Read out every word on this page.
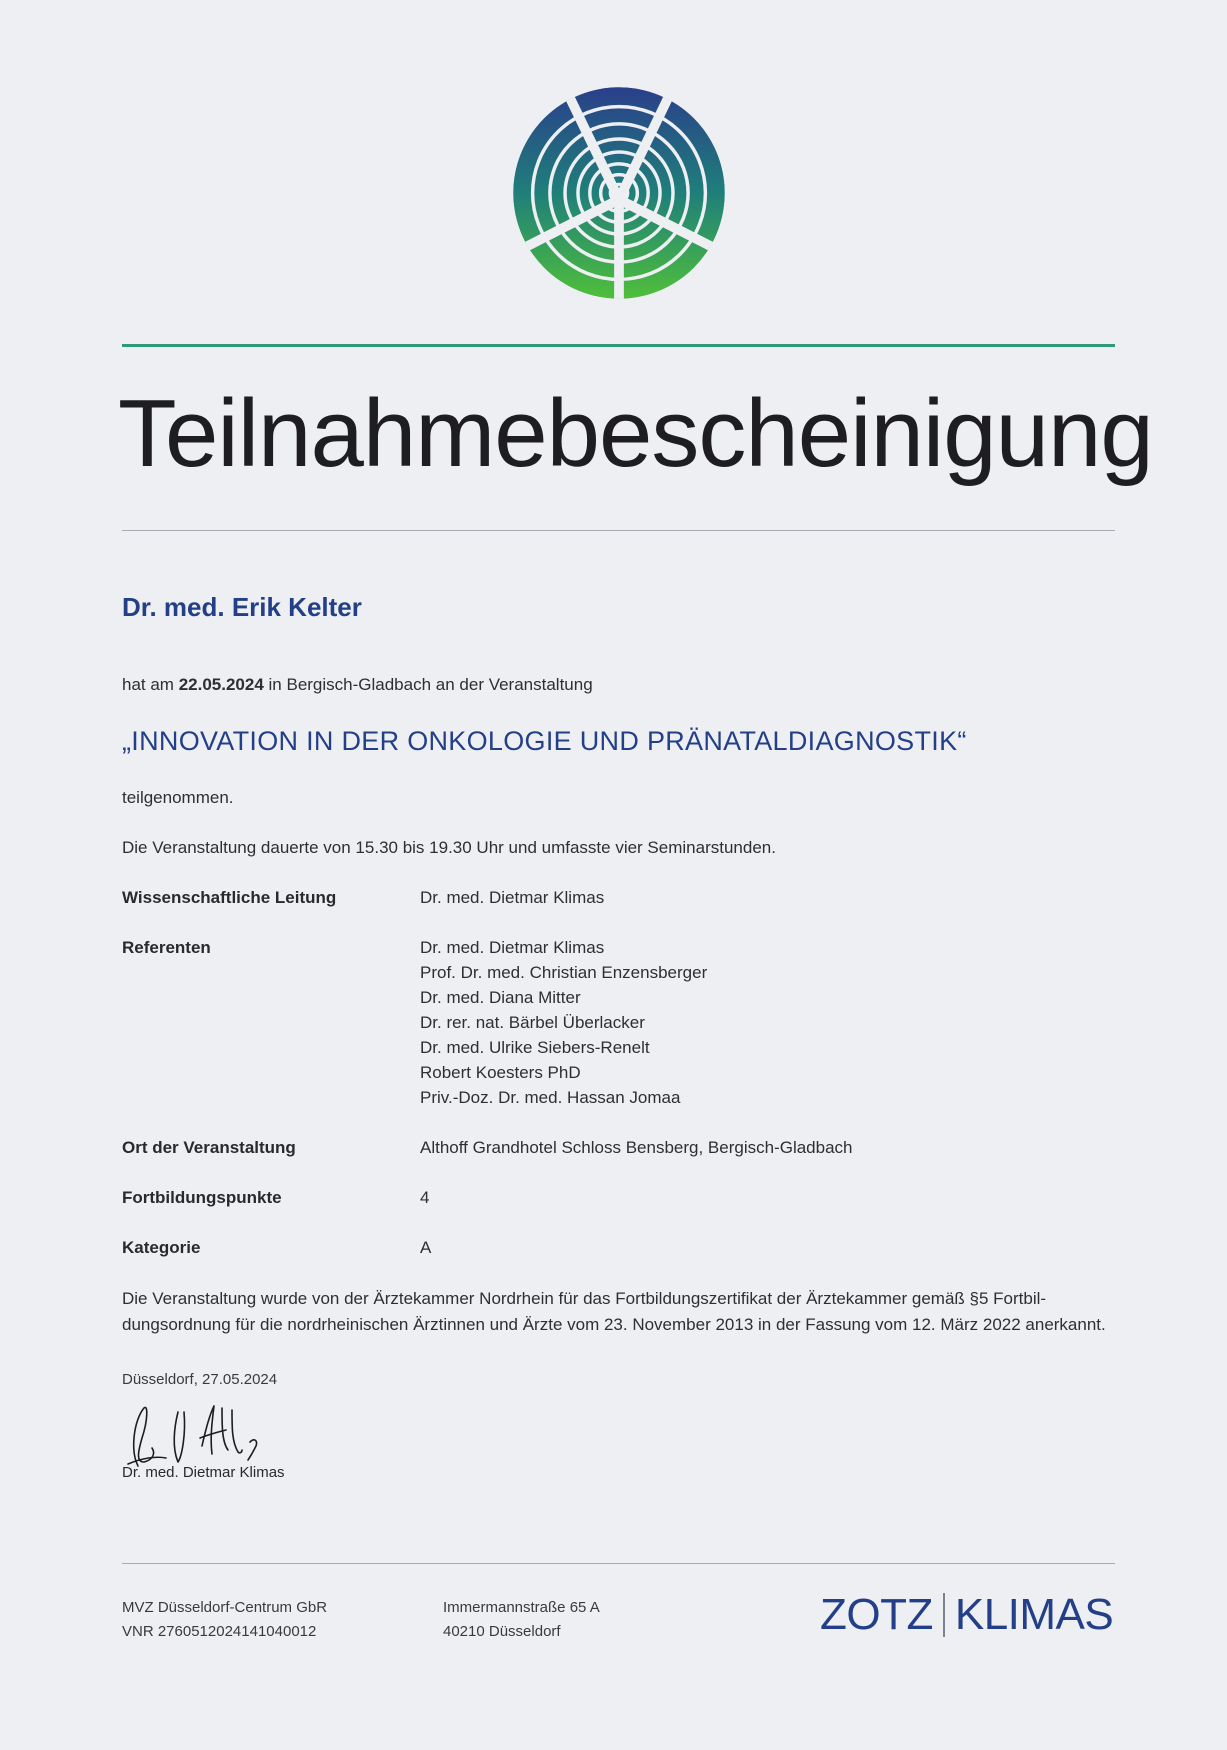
Teilnahmebescheinigung
Dr. med. Erik Kelter
hat am 22.05.2024 in Bergisch-Gladbach an der Veranstaltung
„INNOVATION IN DER ONKOLOGIE UND PRÄNATALDIAGNOSTIK“
teilgenommen.
Die Veranstaltung dauerte von 15.30 bis 19.30 Uhr und umfasste vier Seminarstunden.
Wissenschaftliche Leitung	Dr. med. Dietmar Klimas
Referenten	Dr. med. Dietmar Klimas
Prof. Dr. med. Christian Enzensberger
Dr. med. Diana Mitter
Dr. rer. nat. Bärbel Überlacker
Dr. med. Ulrike Siebers-Renelt
Robert Koesters PhD
Priv.-Doz. Dr. med. Hassan Jomaa
Ort der Veranstaltung	Althoff Grandhotel Schloss Bensberg, Bergisch-Gladbach
Fortbildungspunkte	4
Kategorie	A
Die Veranstaltung wurde von der Ärztekammer Nordrhein für das Fortbildungszertifikat der Ärztekammer gemäß §5 Fortbil-
dungsordnung für die nordrheinischen Ärztinnen und Ärzte vom 23. November 2013 in der Fassung vom 12. März 2022 anerkannt.
Düsseldorf, 27.05.2024
Dr. med. Dietmar Klimas
MVZ Düsseldorf-Centrum GbR
VNR 2760512024141040012
Immermannstraße 65 A
40210 Düsseldorf	ZOTZ KLIMAS
